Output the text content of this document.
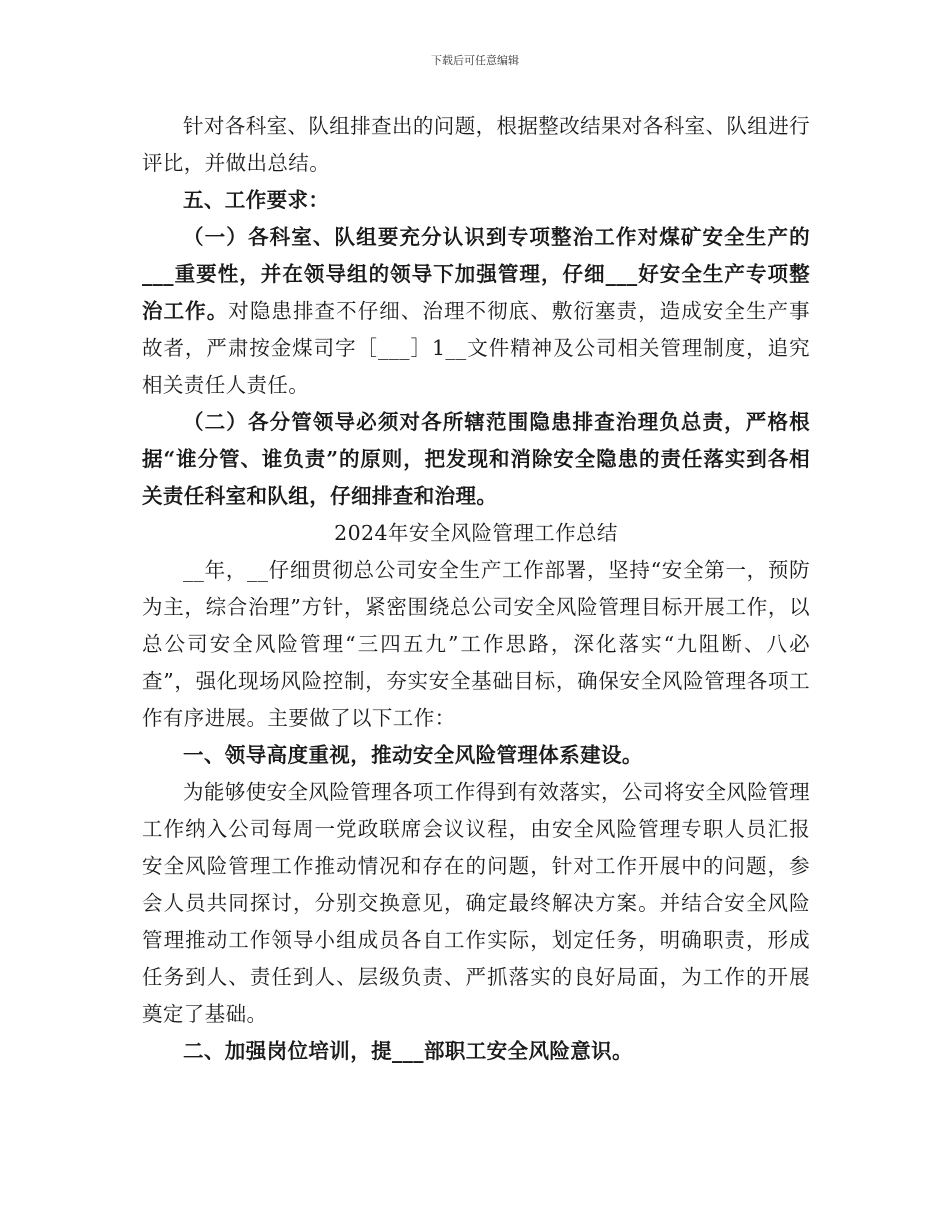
下载后可任意编辑

针对各科室、队组排查出的问题，根据整改结果对各科室、队组进行评比，并做出总结。

五、工作要求：

（一）各科室、队组要充分认识到专项整治工作对煤矿安全生产的___重要性，并在领导组的领导下加强管理，仔细___好安全生产专项整治工作。对隐患排查不仔细、治理不彻底、敷衍塞责，造成安全生产事故者，严肃按金煤司字［___］1__文件精神及公司相关管理制度，追究相关责任人责任。

（二）各分管领导必须对各所辖范围隐患排查治理负总责，严格根据“谁分管、谁负责”的原则，把发现和消除安全隐患的责任落实到各相关责任科室和队组，仔细排查和治理。

2024年安全风险管理工作总结

__年，__仔细贯彻总公司安全生产工作部署，坚持“安全第一，预防为主，综合治理”方针，紧密围绕总公司安全风险管理目标开展工作，以总公司安全风险管理“三四五九”工作思路，深化落实“九阻断、八必查”，强化现场风险控制，夯实安全基础目标，确保安全风险管理各项工作有序进展。主要做了以下工作：

一、领导高度重视，推动安全风险管理体系建设。

为能够使安全风险管理各项工作得到有效落实，公司将安全风险管理工作纳入公司每周一党政联席会议议程，由安全风险管理专职人员汇报安全风险管理工作推动情况和存在的问题，针对工作开展中的问题，参会人员共同探讨，分别交换意见，确定最终解决方案。并结合安全风险管理推动工作领导小组成员各自工作实际，划定任务，明确职责，形成任务到人、责任到人、层级负责、严抓落实的良好局面，为工作的开展奠定了基础。

二、加强岗位培训，提___部职工安全风险意识。
